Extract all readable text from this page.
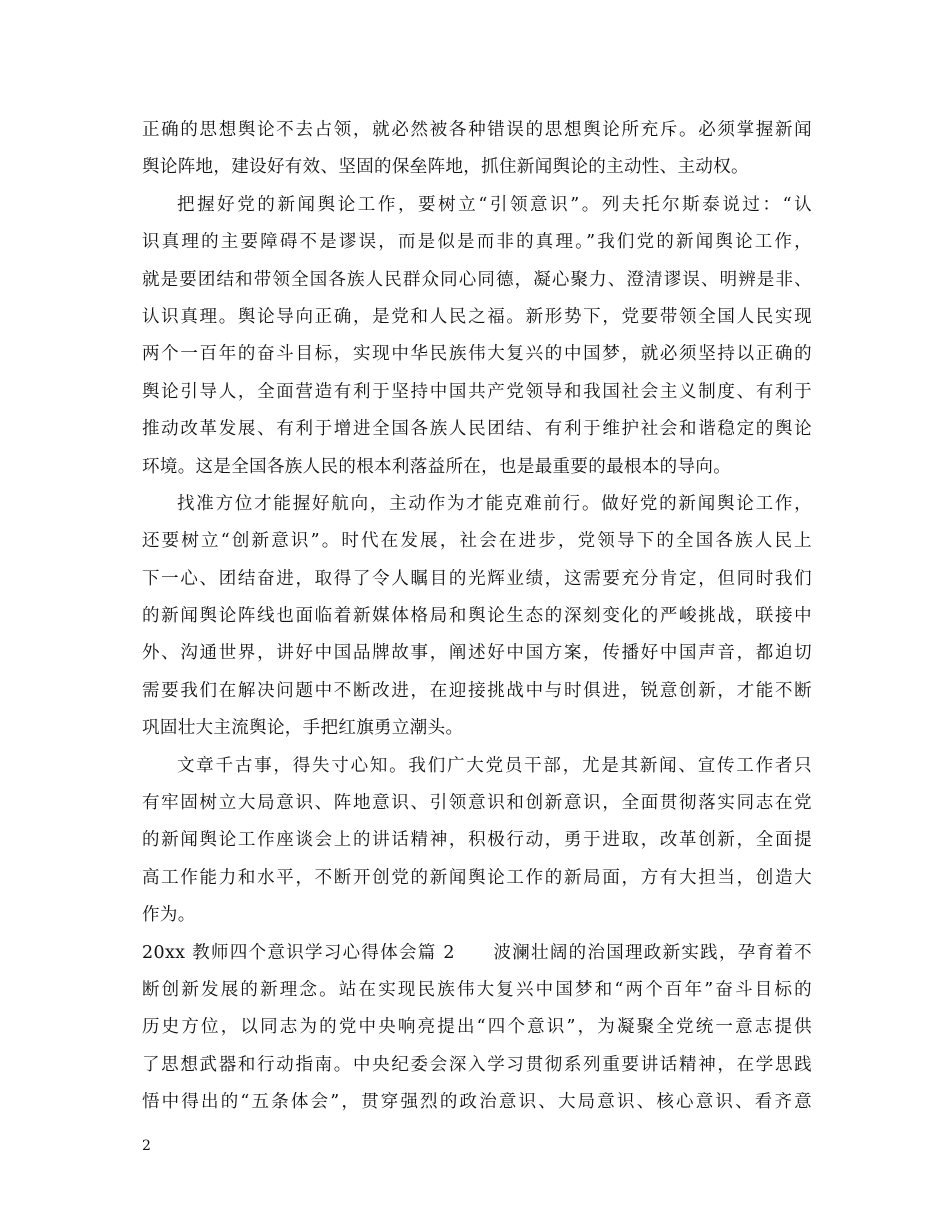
正确的思想舆论不去占领，就必然被各种错误的思想舆论所充斥。必须掌握新闻
舆论阵地，建设好有效、坚固的保垒阵地，抓住新闻舆论的主动性、主动权。
把握好党的新闻舆论工作，要树立“引领意识”。列夫托尔斯泰说过：“认
识真理的主要障碍不是谬误，而是似是而非的真理。”我们党的新闻舆论工作，
就是要团结和带领全国各族人民群众同心同德，凝心聚力、澄清谬误、明辨是非、
认识真理。舆论导向正确，是党和人民之福。新形势下，党要带领全国人民实现
两个一百年的奋斗目标，实现中华民族伟大复兴的中国梦，就必须坚持以正确的
舆论引导人，全面营造有利于坚持中国共产党领导和我国社会主义制度、有利于
推动改革发展、有利于增进全国各族人民团结、有利于维护社会和谐稳定的舆论
环境。这是全国各族人民的根本利落益所在，也是最重要的最根本的导向。
找准方位才能握好航向，主动作为才能克难前行。做好党的新闻舆论工作，
还要树立“创新意识”。时代在发展，社会在进步，党领导下的全国各族人民上
下一心、团结奋进，取得了令人瞩目的光辉业绩，这需要充分肯定，但同时我们
的新闻舆论阵线也面临着新媒体格局和舆论生态的深刻变化的严峻挑战，联接中
外、沟通世界，讲好中国品牌故事，阐述好中国方案，传播好中国声音，都迫切
需要我们在解决问题中不断改进，在迎接挑战中与时俱进，锐意创新，才能不断
巩固壮大主流舆论，手把红旗勇立潮头。
文章千古事，得失寸心知。我们广大党员干部，尤是其新闻、宣传工作者只
有牢固树立大局意识、阵地意识、引领意识和创新意识，全面贯彻落实同志在党
的新闻舆论工作座谈会上的讲话精神，积极行动，勇于进取，改革创新，全面提
高工作能力和水平，不断开创党的新闻舆论工作的新局面，方有大担当，创造大
作为。
20xx 教师四个意识学习心得体会篇 2　　波澜壮阔的治国理政新实践，孕育着不
断创新发展的新理念。站在实现民族伟大复兴中国梦和“两个百年”奋斗目标的
历史方位，以同志为的党中央响亮提出“四个意识”，为凝聚全党统一意志提供
了思想武器和行动指南。中央纪委会深入学习贯彻系列重要讲话精神，在学思践
悟中得出的“五条体会”，贯穿强烈的政治意识、大局意识、核心意识、看齐意
2
